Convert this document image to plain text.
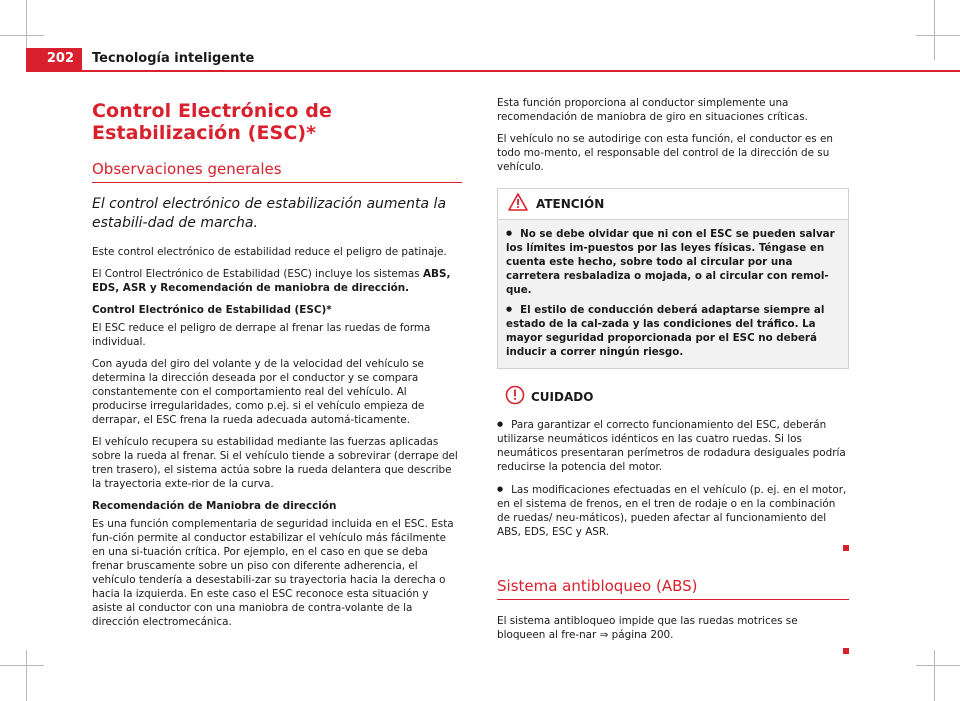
202	Tecnología inteligente
Control Electrónico de Estabilización (ESC)*
Observaciones generales
El control electrónico de estabilización aumenta la estabili-dad de marcha.

Este control electrónico de estabilidad reduce el peligro de patinaje.

El Control Electrónico de Estabilidad (ESC) incluye los sistemas ABS, EDS, ASR y Recomendación de maniobra de dirección.

Control Electrónico de Estabilidad (ESC)*

El ESC reduce el peligro de derrape al frenar las ruedas de forma individual.

Con ayuda del giro del volante y de la velocidad del vehículo se determina la dirección deseada por el conductor y se compara constantemente con el comportamiento real del vehículo. Al producirse irregularidades, como p.ej. si el vehículo empieza de derrapar, el ESC frena la rueda adecuada automá-ticamente.

El vehículo recupera su estabilidad mediante las fuerzas aplicadas sobre la rueda al frenar. Si el vehículo tiende a sobrevirar (derrape del tren trasero), el sistema actúa sobre la rueda delantera que describe la trayectoria exte-rior de la curva.

Recomendación de Maniobra de dirección

Es una función complementaria de seguridad incluida en el ESC. Esta fun-ción permite al conductor estabilizar el vehículo más fácilmente en una si-tuación crítica. Por ejemplo, en el caso en que se deba frenar bruscamente sobre un piso con diferente adherencia, el vehículo tendería a desestabili-zar su trayectoria hacia la derecha o hacia la izquierda. En este caso el ESC reconoce esta situación y asiste al conductor con una maniobra de contra-volante de la dirección electromecánica.

Esta función proporciona al conductor simplemente una recomendación de maniobra de giro en situaciones críticas.

El vehículo no se autodirige con esta función, el conductor es en todo mo-mento, el responsable del control de la dirección de su vehículo.

ATENCIÓN

● No se debe olvidar que ni con el ESC se pueden salvar los límites im-puestos por las leyes físicas. Téngase en cuenta este hecho, sobre todo al circular por una carretera resbaladiza o mojada, o al circular con remol-que.

● El estilo de conducción deberá adaptarse siempre al estado de la cal-zada y las condiciones del tráfico. La mayor seguridad proporcionada por el ESC no deberá inducir a correr ningún riesgo.

CUIDADO

● Para garantizar el correcto funcionamiento del ESC, deberán utilizarse neumáticos idénticos en las cuatro ruedas. Si los neumáticos presentaran perímetros de rodadura desiguales podría reducirse la potencia del motor.

● Las modificaciones efectuadas en el vehículo (p. ej. en el motor, en el sistema de frenos, en el tren de rodaje o en la combinación de ruedas/ neu-máticos), pueden afectar al funcionamiento del ABS, EDS, ESC y ASR.

Sistema antibloqueo (ABS)

El sistema antibloqueo impide que las ruedas motrices se bloqueen al fre-nar ⇒ página 200.
